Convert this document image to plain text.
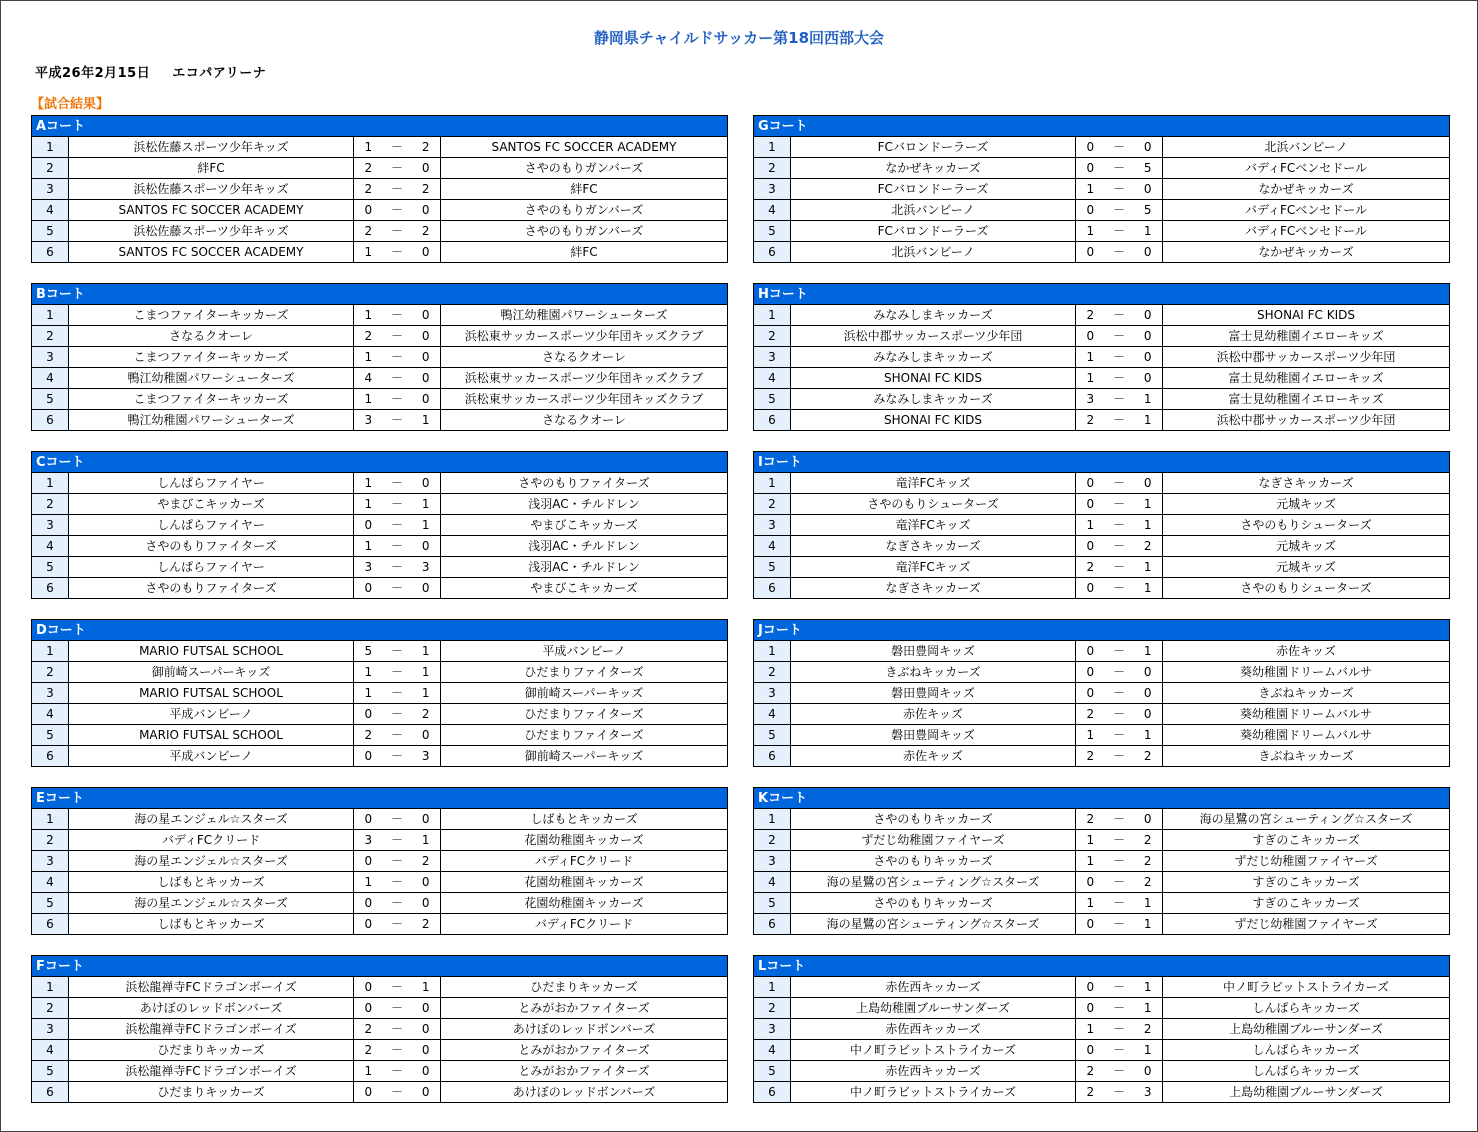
静岡県チャイルドサッカー第18回西部大会
平成26年2月15日 エコパアリーナ
【試合結果】
Aコート
1	浜松佐藤スポーツ少年キッズ	1	－	2	SANTOS FC SOCCER ACADEMY
2	絆FC	2	－	0	さやのもりガンバーズ
3	浜松佐藤スポーツ少年キッズ	2	－	2	絆FC
4	SANTOS FC SOCCER ACADEMY	0	－	0	さやのもりガンバーズ
5	浜松佐藤スポーツ少年キッズ	2	－	2	さやのもりガンバーズ
6	SANTOS FC SOCCER ACADEMY	1	－	0	絆FC
Gコート
1	FCバロンドーラーズ	0	－	0	北浜バンビーノ
2	なかぜキッカーズ	0	－	5	バディFCベンセドール
3	FCバロンドーラーズ	1	－	0	なかぜキッカーズ
4	北浜バンビーノ	0	－	5	バディFCベンセドール
5	FCバロンドーラーズ	1	－	1	バディFCベンセドール
6	北浜バンビーノ	0	－	0	なかぜキッカーズ
Bコート
1	こまつファイターキッカーズ	1	－	0	鴨江幼稚園パワーシューターズ
2	さなるクオーレ	2	－	0	浜松東サッカースポーツ少年団キッズクラブ
3	こまつファイターキッカーズ	1	－	0	さなるクオーレ
4	鴨江幼稚園パワーシューターズ	4	－	0	浜松東サッカースポーツ少年団キッズクラブ
5	こまつファイターキッカーズ	1	－	0	浜松東サッカースポーツ少年団キッズクラブ
6	鴨江幼稚園パワーシューターズ	3	－	1	さなるクオーレ
Hコート
1	みなみしまキッカーズ	2	－	0	SHONAI FC KIDS
2	浜松中郡サッカースポーツ少年団	0	－	0	富士見幼稚園イエローキッズ
3	みなみしまキッカーズ	1	－	0	浜松中郡サッカースポーツ少年団
4	SHONAI FC KIDS	1	－	0	富士見幼稚園イエローキッズ
5	みなみしまキッカーズ	3	－	1	富士見幼稚園イエローキッズ
6	SHONAI FC KIDS	2	－	1	浜松中郡サッカースポーツ少年団
Cコート
1	しんぱらファイヤー	1	－	0	さやのもりファイターズ
2	やまびこキッカーズ	1	－	1	浅羽AC・チルドレン
3	しんぱらファイヤー	0	－	1	やまびこキッカーズ
4	さやのもりファイターズ	1	－	0	浅羽AC・チルドレン
5	しんぱらファイヤー	3	－	3	浅羽AC・チルドレン
6	さやのもりファイターズ	0	－	0	やまびこキッカーズ
Iコート
1	竜洋FCキッズ	0	－	0	なぎさキッカーズ
2	さやのもりシューターズ	0	－	1	元城キッズ
3	竜洋FCキッズ	1	－	1	さやのもりシューターズ
4	なぎさキッカーズ	0	－	2	元城キッズ
5	竜洋FCキッズ	2	－	1	元城キッズ
6	なぎさキッカーズ	0	－	1	さやのもりシューターズ
Dコート
1	MARIO FUTSAL SCHOOL	5	－	1	平成バンビーノ
2	御前崎スーパーキッズ	1	－	1	ひだまりファイターズ
3	MARIO FUTSAL SCHOOL	1	－	1	御前崎スーパーキッズ
4	平成バンビーノ	0	－	2	ひだまりファイターズ
5	MARIO FUTSAL SCHOOL	2	－	0	ひだまりファイターズ
6	平成バンビーノ	0	－	3	御前崎スーパーキッズ
Jコート
1	磐田豊岡キッズ	0	－	1	赤佐キッズ
2	きぶねキッカーズ	0	－	0	葵幼稚園ドリームバルサ
3	磐田豊岡キッズ	0	－	0	きぶねキッカーズ
4	赤佐キッズ	2	－	0	葵幼稚園ドリームバルサ
5	磐田豊岡キッズ	1	－	1	葵幼稚園ドリームバルサ
6	赤佐キッズ	2	－	2	きぶねキッカーズ
Eコート
1	海の星エンジェル☆スターズ	0	－	0	しばもとキッカーズ
2	バディFCクリード	3	－	1	花園幼稚園キッカーズ
3	海の星エンジェル☆スターズ	0	－	2	バディFCクリード
4	しばもとキッカーズ	1	－	0	花園幼稚園キッカーズ
5	海の星エンジェル☆スターズ	0	－	0	花園幼稚園キッカーズ
6	しばもとキッカーズ	0	－	2	バディFCクリード
Kコート
1	さやのもりキッカーズ	2	－	0	海の星鷺の宮シューティング☆スターズ
2	ずだじ幼稚園ファイヤーズ	1	－	2	すぎのこキッカーズ
3	さやのもりキッカーズ	1	－	2	ずだじ幼稚園ファイヤーズ
4	海の星鷺の宮シューティング☆スターズ	0	－	2	すぎのこキッカーズ
5	さやのもりキッカーズ	1	－	1	すぎのこキッカーズ
6	海の星鷺の宮シューティング☆スターズ	0	－	1	ずだじ幼稚園ファイヤーズ
Fコート
1	浜松龍禅寺FCドラゴンボーイズ	0	－	1	ひだまりキッカーズ
2	あけぼのレッドボンバーズ	0	－	0	とみがおかファイターズ
3	浜松龍禅寺FCドラゴンボーイズ	2	－	0	あけぼのレッドボンバーズ
4	ひだまりキッカーズ	2	－	0	とみがおかファイターズ
5	浜松龍禅寺FCドラゴンボーイズ	1	－	0	とみがおかファイターズ
6	ひだまりキッカーズ	0	－	0	あけぼのレッドボンバーズ
Lコート
1	赤佐西キッカーズ	0	－	1	中ノ町ラビットストライカーズ
2	上島幼稚園ブルーサンダーズ	0	－	1	しんぱらキッカーズ
3	赤佐西キッカーズ	1	－	2	上島幼稚園ブルーサンダーズ
4	中ノ町ラビットストライカーズ	0	－	1	しんぱらキッカーズ
5	赤佐西キッカーズ	2	－	0	しんぱらキッカーズ
6	中ノ町ラビットストライカーズ	2	－	3	上島幼稚園ブルーサンダーズ
